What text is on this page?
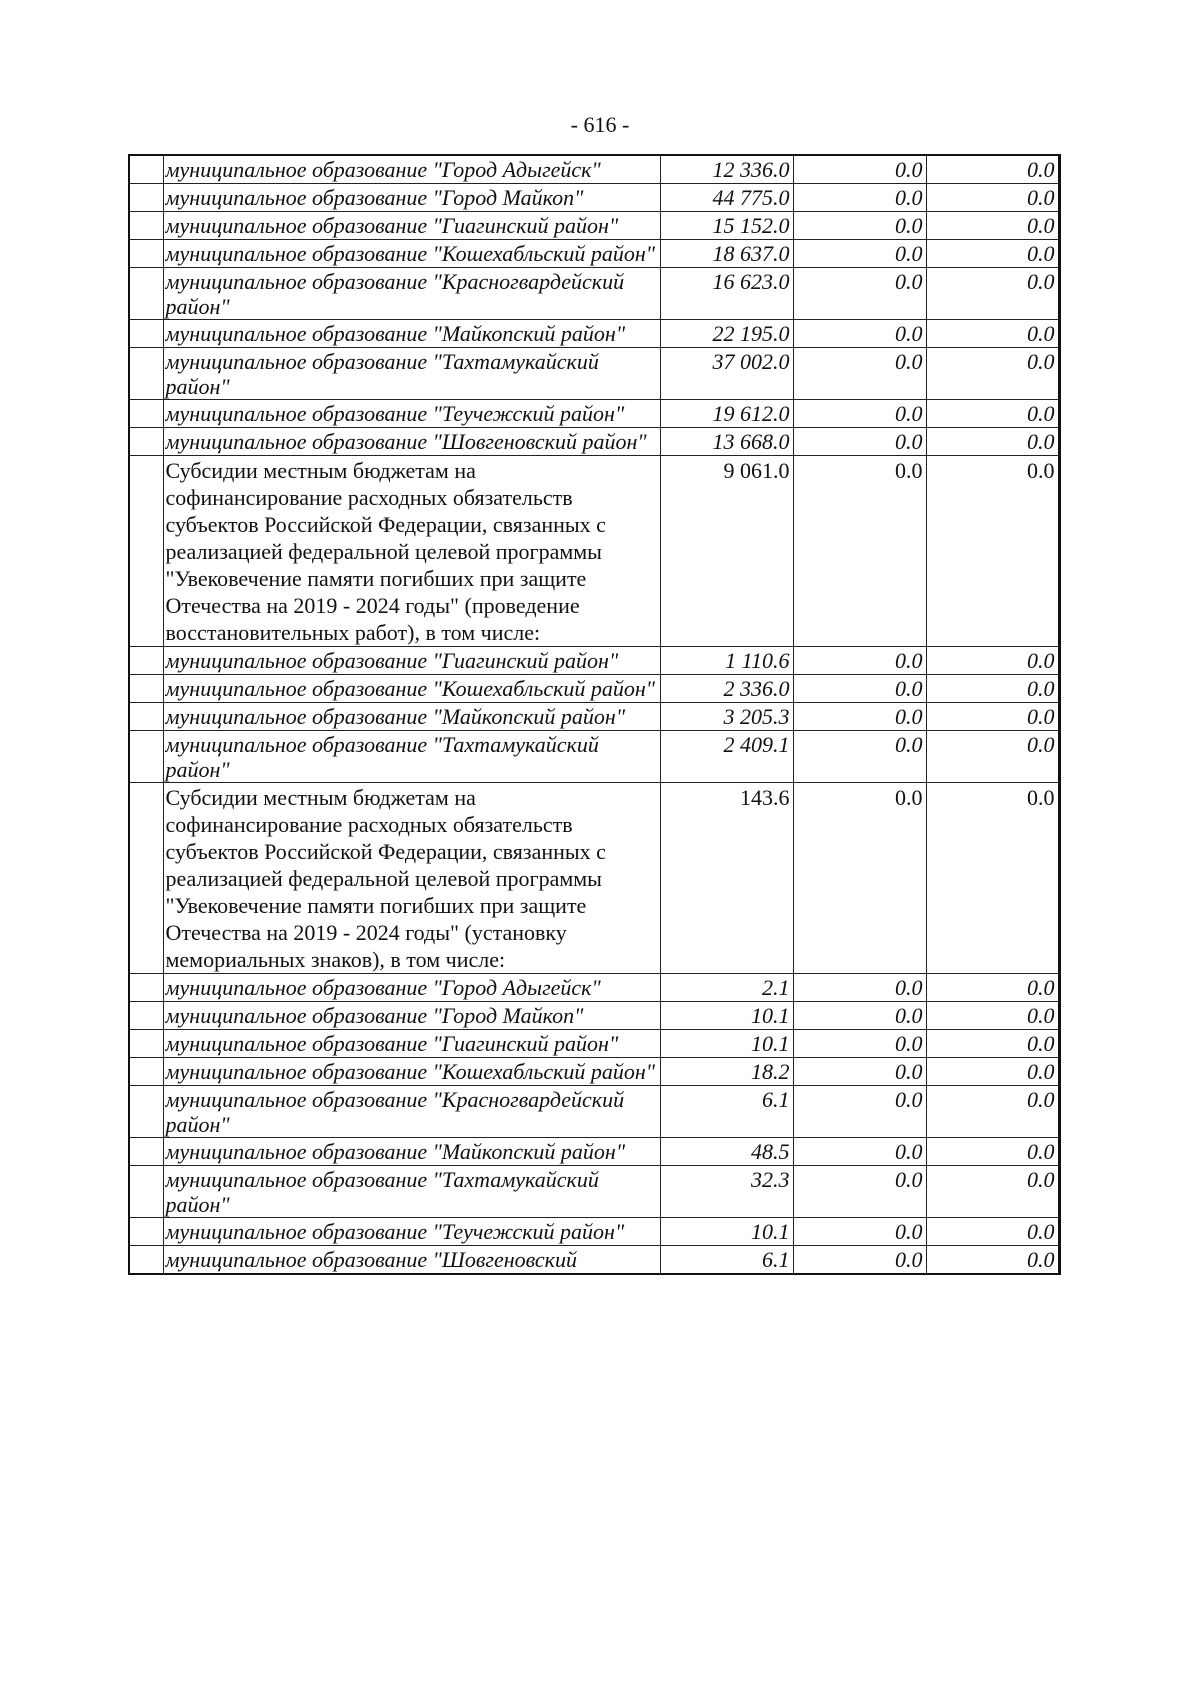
- 616 -
	муниципальное образование "Город Адыгейск"	12 336.0	0.0	0.0
	муниципальное образование "Город Майкоп"	44 775.0	0.0	0.0
	муниципальное образование "Гиагинский район"	15 152.0	0.0	0.0
	муниципальное образование "Кошехабльский район"	18 637.0	0.0	0.0
	муниципальное образование "Красногвардейский район"	16 623.0	0.0	0.0
	муниципальное образование "Майкопский район"	22 195.0	0.0	0.0
	муниципальное образование "Тахтамукайский район"	37 002.0	0.0	0.0
	муниципальное образование "Теучежский район"	19 612.0	0.0	0.0
	муниципальное образование "Шовгеновский район"	13 668.0	0.0	0.0
	Субсидии местным бюджетам на софинансирование расходных обязательств субъектов Российской Федерации, связанных с реализацией федеральной целевой программы "Увековечение памяти погибших при защите Отечества на 2019 - 2024 годы" (проведение восстановительных работ), в том числе:	9 061.0	0.0	0.0
	муниципальное образование "Гиагинский район"	1 110.6	0.0	0.0
	муниципальное образование "Кошехабльский район"	2 336.0	0.0	0.0
	муниципальное образование "Майкопский район"	3 205.3	0.0	0.0
	муниципальное образование "Тахтамукайский район"	2 409.1	0.0	0.0
	Субсидии местным бюджетам на софинансирование расходных обязательств субъектов Российской Федерации, связанных с реализацией федеральной целевой программы "Увековечение памяти погибших при защите Отечества на 2019 - 2024 годы" (установку мемориальных знаков), в том числе:	143.6	0.0	0.0
	муниципальное образование "Город Адыгейск"	2.1	0.0	0.0
	муниципальное образование "Город Майкоп"	10.1	0.0	0.0
	муниципальное образование "Гиагинский район"	10.1	0.0	0.0
	муниципальное образование "Кошехабльский район"	18.2	0.0	0.0
	муниципальное образование "Красногвардейский район"	6.1	0.0	0.0
	муниципальное образование "Майкопский район"	48.5	0.0	0.0
	муниципальное образование "Тахтамукайский район"	32.3	0.0	0.0
	муниципальное образование "Теучежский район"	10.1	0.0	0.0
	муниципальное образование "Шовгеновский	6.1	0.0	0.0
